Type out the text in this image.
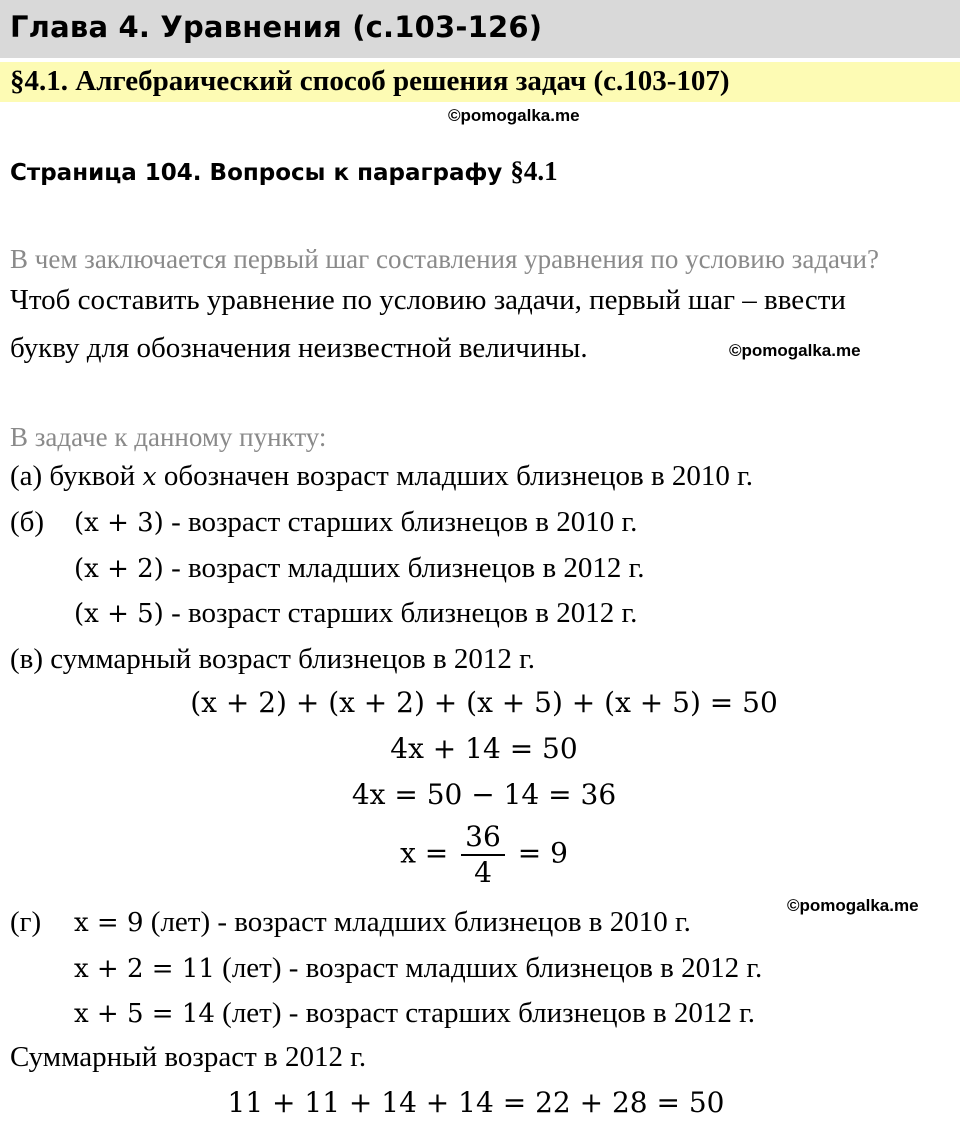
Глава 4. Уравнения (с.103-126)
§4.1. Алгебраический способ решения задач (с.103-107)
©pomogalka.me
Страница 104. Вопросы к параграфу §4.1
В чем заключается первый шаг составления уравнения по условию задачи?
Чтоб составить уравнение по условию задачи, первый шаг – ввести
букву для обозначения неизвестной величины.	©pomogalka.me
В задаче к данному пункту:
(а) буквой x обозначен возраст младших близнецов в 2010 г.
(б) (x + 3) - возраст старших близнецов в 2010 г.
(x + 2) - возраст младших близнецов в 2012 г.
(x + 5) - возраст старших близнецов в 2012 г.
(в) суммарный возраст близнецов в 2012 г.
(x + 2) + (x + 2) + (x + 5) + (x + 5) = 50
4x + 14 = 50
4x = 50 − 14 = 36
$x = \frac{36}{4} = 9$
©pomogalka.me
(г) x = 9 (лет) - возраст младших близнецов в 2010 г.
x + 2 = 11 (лет) - возраст младших близнецов в 2012 г.
x + 5 = 14 (лет) - возраст старших близнецов в 2012 г.
Суммарный возраст в 2012 г.
11 + 11 + 14 + 14 = 22 + 28 = 50
